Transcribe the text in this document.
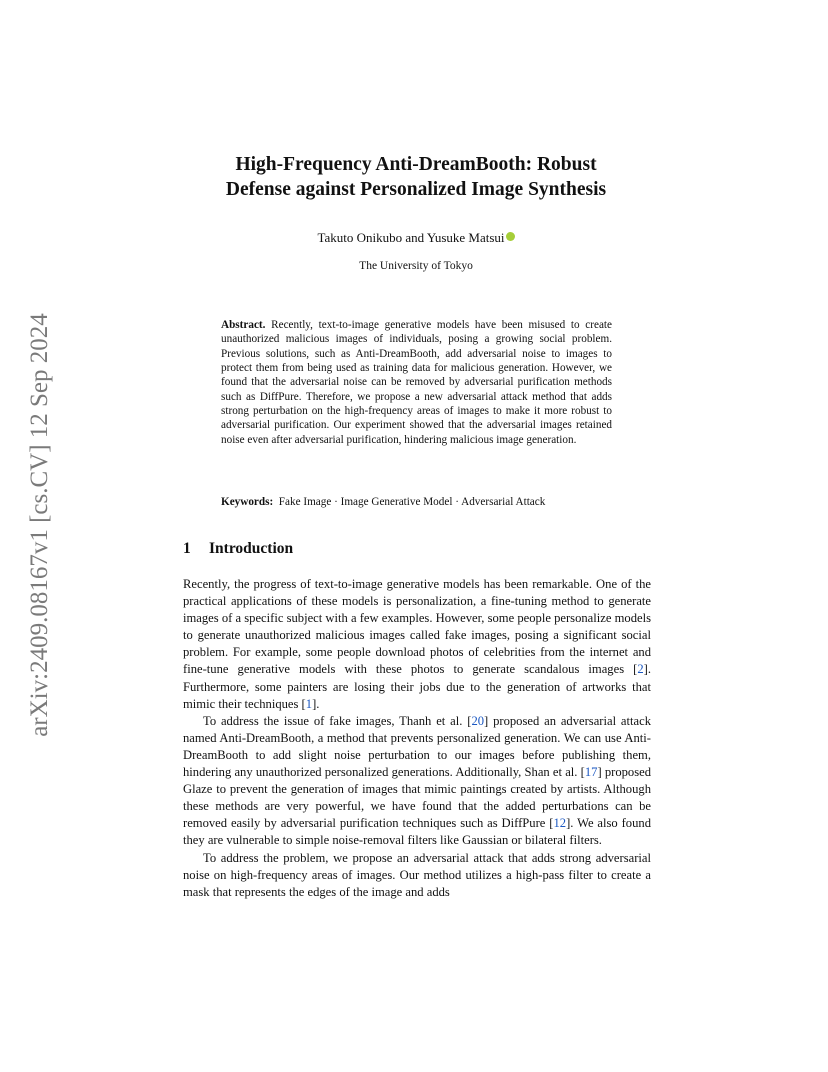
arXiv:2409.08167v1 [cs.CV] 12 Sep 2024
High-Frequency Anti-DreamBooth: Robust
Defense against Personalized Image Synthesis
Takuto Onikubo and Yusuke Matsui
The University of Tokyo

Abstract. Recently, text-to-image generative models have been misused to create unauthorized malicious images of individuals, posing a growing social problem. Previous solutions, such as Anti-DreamBooth, add adversarial noise to images to protect them from being used as training data for malicious generation. However, we found that the adversarial noise can be removed by adversarial purification methods such as DiffPure. Therefore, we propose a new adversarial attack method that adds strong perturbation on the high-frequency areas of images to make it more robust to adversarial purification. Our experiment showed that the adversarial images retained noise even after adversarial purification, hindering malicious image generation.

Keywords: Fake Image · Image Generative Model · Adversarial Attack
1 Introduction

Recently, the progress of text-to-image generative models has been remarkable. One of the practical applications of these models is personalization, a fine-tuning method to generate images of a specific subject with a few examples. However, some people personalize models to generate unauthorized malicious images called fake images, posing a significant social problem. For example, some people download photos of celebrities from the internet and fine-tune generative models with these photos to generate scandalous images [2]. Furthermore, some painters are losing their jobs due to the generation of artworks that mimic their techniques [1].

To address the issue of fake images, Thanh et al. [20] proposed an adversarial attack named Anti-DreamBooth, a method that prevents personalized generation. We can use Anti-DreamBooth to add slight noise perturbation to our images before publishing them, hindering any unauthorized personalized generations. Additionally, Shan et al. [17] proposed Glaze to prevent the generation of images that mimic paintings created by artists. Although these methods are very powerful, we have found that the added perturbations can be removed easily by adversarial purification techniques such as DiffPure [12]. We also found they are vulnerable to simple noise-removal filters like Gaussian or bilateral filters.

To address the problem, we propose an adversarial attack that adds strong adversarial noise on high-frequency areas of images. Our method utilizes a high-pass filter to create a mask that represents the edges of the image and adds
